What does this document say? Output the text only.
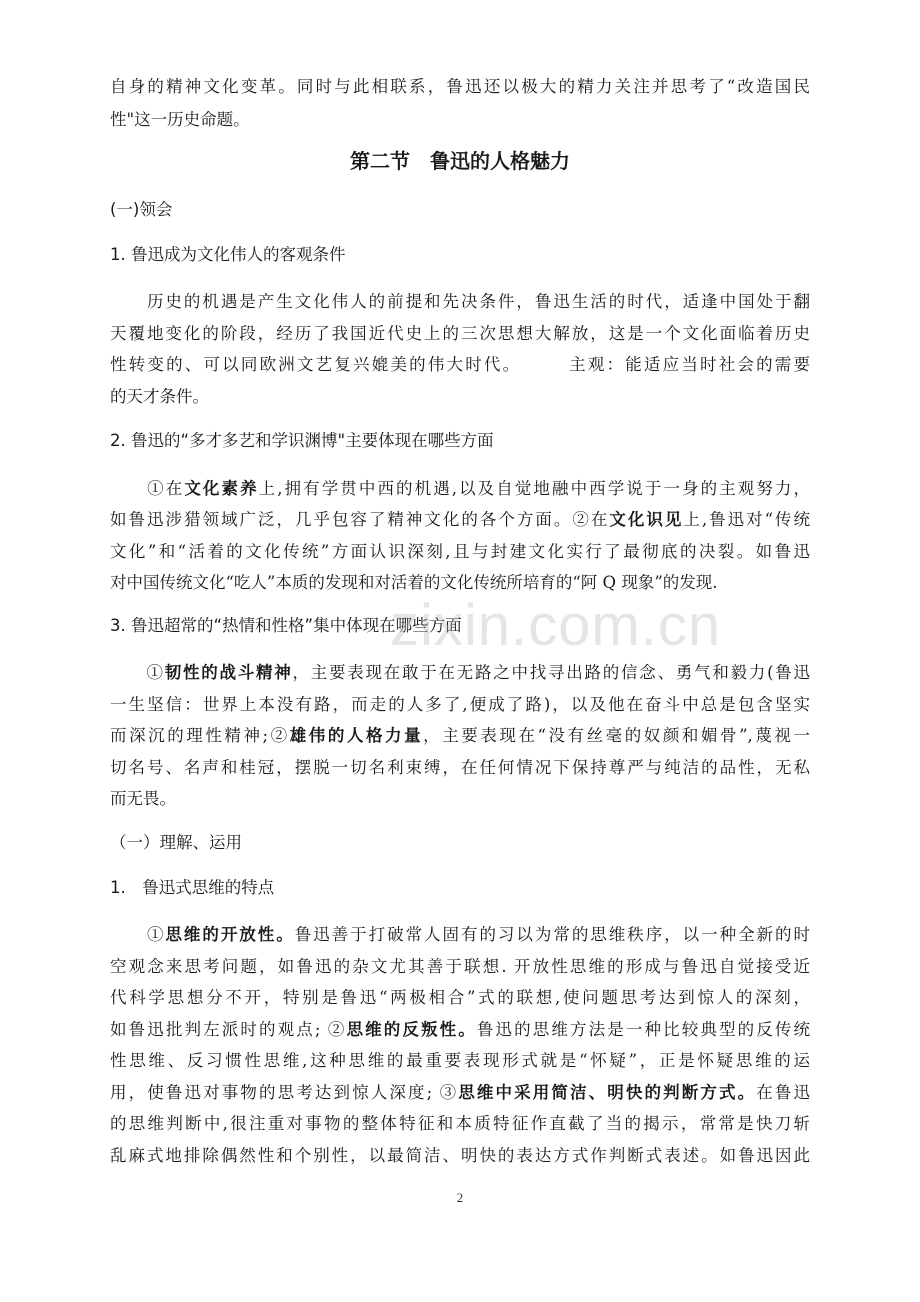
自身的精神文化变革。同时与此相联系，鲁迅还以极大的精力关注并思考了“改造国民
性"这一历史命题。
第二节　鲁迅的人格魅力
(一)领会
1. 鲁迅成为文化伟人的客观条件
　　历史的机遇是产生文化伟人的前提和先决条件，鲁迅生活的时代，适逢中国处于翻
天覆地变化的阶段，经历了我国近代史上的三次思想大解放，这是一个文化面临着历史
性转变的、可以同欧洲文艺复兴媲美的伟大时代。　　　主观：能适应当时社会的需要
的天才条件。
2. 鲁迅的“多才多艺和学识渊博"主要体现在哪些方面
　　①在文化素养上,拥有学贯中西的机遇,以及自觉地融中西学说于一身的主观努力，
如鲁迅涉猎领域广泛，几乎包容了精神文化的各个方面。②在文化识见上,鲁迅对“传统
文化”和“活着的文化传统”方面认识深刻,且与封建文化实行了最彻底的决裂。如鲁迅
对中国传统文化“吃人”本质的发现和对活着的文化传统所培育的“阿 Q 现象”的发现.
3. 鲁迅超常的“热情和性格”集中体现在哪些方面
　　①韧性的战斗精神，主要表现在敢于在无路之中找寻出路的信念、勇气和毅力(鲁迅
一生坚信：世界上本没有路，而走的人多了,便成了路)，以及他在奋斗中总是包含坚实
而深沉的理性精神;②雄伟的人格力量，主要表现在“没有丝毫的奴颜和媚骨”,蔑视一
切名号、名声和桂冠，摆脱一切名利束缚，在任何情况下保持尊严与纯洁的品性，无私
而无畏。
（一）理解、运用
1.　鲁迅式思维的特点
　　①思维的开放性。鲁迅善于打破常人固有的习以为常的思维秩序，以一种全新的时
空观念来思考问题，如鲁迅的杂文尤其善于联想. 开放性思维的形成与鲁迅自觉接受近
代科学思想分不开，特别是鲁迅“两极相合”式的联想,使问题思考达到惊人的深刻，
如鲁迅批判左派时的观点; ②思维的反叛性。鲁迅的思维方法是一种比较典型的反传统
性思维、反习惯性思维,这种思维的最重要表现形式就是“怀疑”，正是怀疑思维的运
用，使鲁迅对事物的思考达到惊人深度; ③思维中采用简洁、明快的判断方式。在鲁迅
的思维判断中,很注重对事物的整体特征和本质特征作直截了当的揭示，常常是快刀斩
乱麻式地排除偶然性和个别性，以最简洁、明快的表达方式作判断式表述。如鲁迅因此
zixin.com.cn
2
